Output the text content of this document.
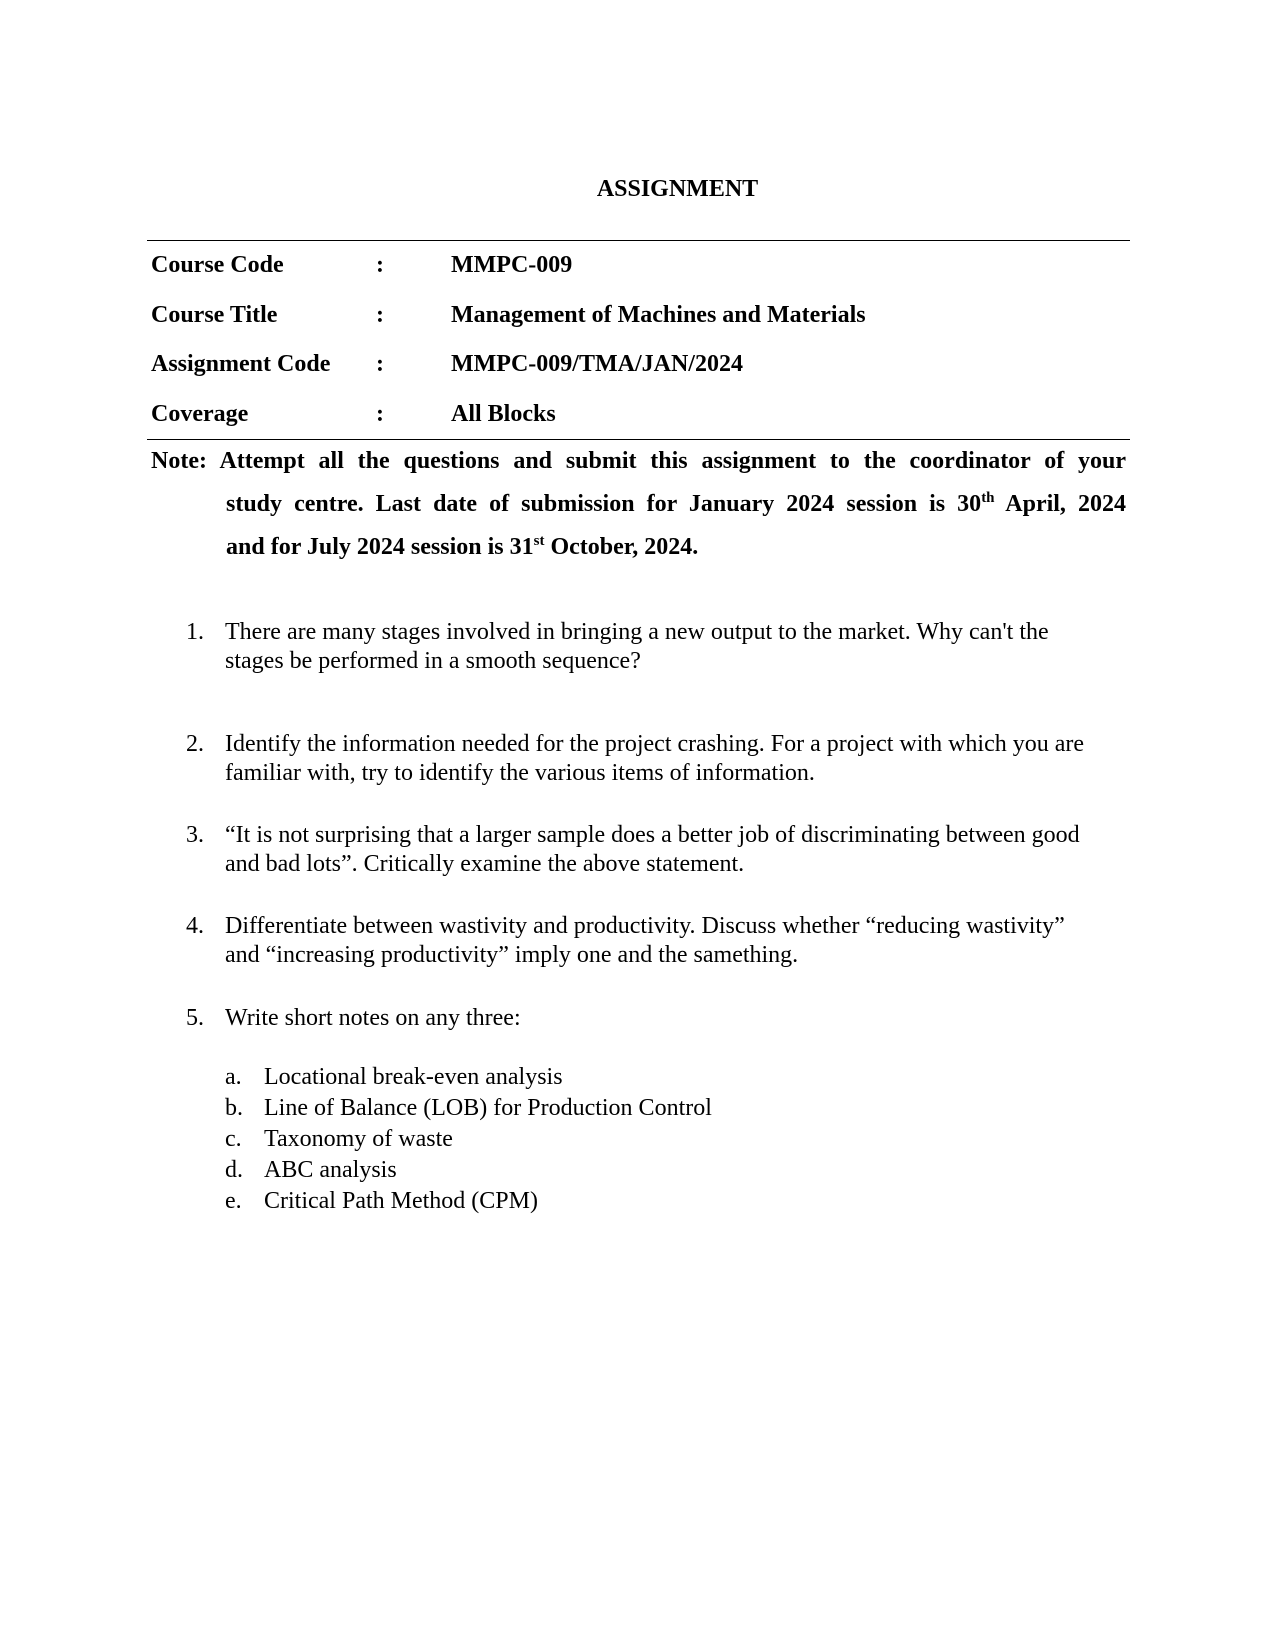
ASSIGNMENT
Course Code	:	MMPC-009
Course Title	:	Management of Machines and Materials
Assignment Code :	MMPC-009/TMA/JAN/2024
Coverage	:	All Blocks
Note: Attempt all the questions and submit this assignment to the coordinator of your
study centre. Last date of submission for January 2024 session is 30th April, 2024
and for July 2024 session is 31st October, 2024.
1. There are many stages involved in bringing a new output to the market. Why can't the
stages be performed in a smooth sequence?
2. Identify the information needed for the project crashing. For a project with which you are
familiar with, try to identify the various items of information.
3. “It is not surprising that a larger sample does a better job of discriminating between good
and bad lots”. Critically examine the above statement.
4. Differentiate between wastivity and productivity. Discuss whether “reducing wastivity”
and “increasing productivity” imply one and the samething.
5. Write short notes on any three:
a. Locational break-even analysis
b. Line of Balance (LOB) for Production Control
c. Taxonomy of waste
d. ABC analysis
e. Critical Path Method (CPM)
